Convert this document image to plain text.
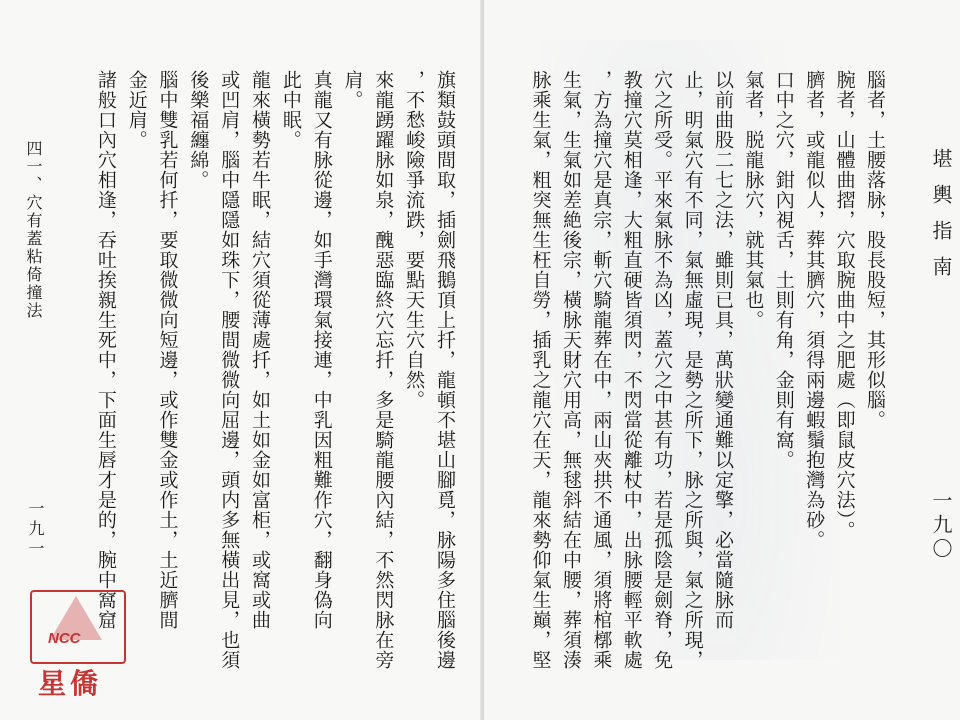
四一、穴有蓋粘倚撞法
一九一	旗類鼓頭間取，插劍飛鵝頂上扦，龍頓不堪山腳覓，脉陽多住腦後邊
，不愁峻險爭流跌，要點天生穴自然。
來龍踴躍脉如泉，醜惡臨終穴忘扦，多是騎龍腰內結，不然閃脉在旁
肩。
真龍又有脉從邊，如手灣環氣接連，中乳因粗難作穴，翻身偽向
此中眠。
龍來橫勢若牛眠，結穴須從薄處扦，如土如金如富柜，或窩或曲
或凹肩，腦中隱隱如珠下，腰間微微向屈邊，頭内多無橫出見，也須
後樂福纏綿。
腦中雙乳若何扦，要取微微向短邊，或作雙金或作土，土近臍間
金近肩。
諸般口內穴相逢，吞吐挨親生死中，下面生唇才是的，腕中窩窟
NCC
星僑
堪輿指南
一九〇
腦者，土腰落脉，股長股短，其形似腦。
腕者，山體曲摺，穴取腕曲中之肥處（即鼠皮穴法）。
臍者，或龍似人，葬其臍穴，須得兩邊蝦鬚抱灣為砂。
口中之穴，鉗內視舌，土則有角，金則有窩。
氣者，脱龍脉穴，就其氣也。
以前曲股二七之法，雖則已具，萬狀變通難以定擎，必當隨脉而
止，明氣穴有不同，氣無虛現，是勢之所下，脉之所與，氣之所現，
穴之所受。平來氣脉不為凶，蓋穴之中甚有功，若是孤陰是劍脊，免
教撞穴莫相逢，大粗直硬皆須閃，不閃當從離杖中，出脉腰輕平軟處
，方為撞穴是真宗，斬穴騎龍葬在中，兩山夾拱不通風，須將棺槨乘
生氣，生氣如差絶後宗，橫脉天財穴用高，無毬斜結在中腰，葬須湊
脉乘生氣，粗突無生枉自勞，插乳之龍穴在天，龍來勢仰氣生巔，堅
